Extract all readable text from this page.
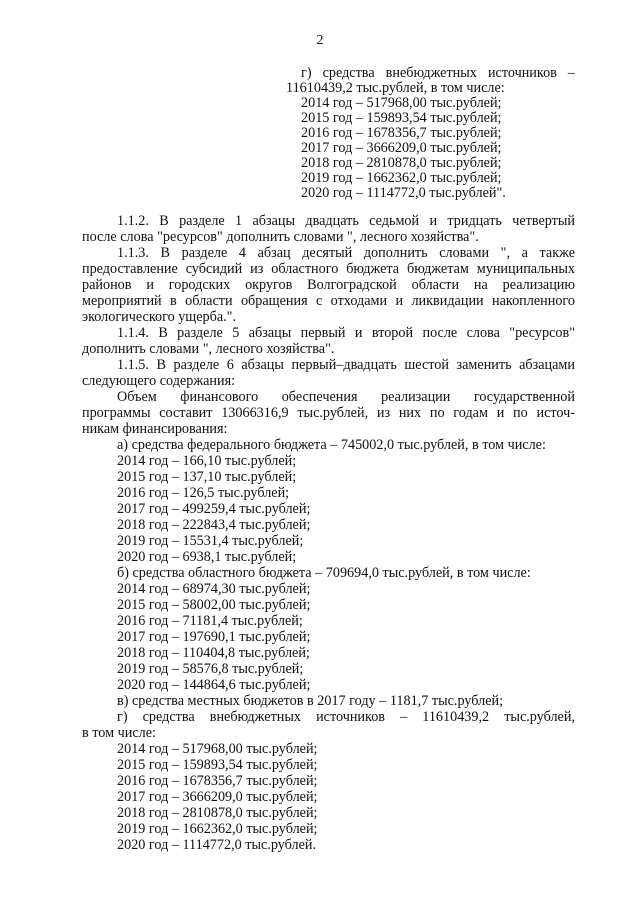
2
г) средства внебюджетных источников –
11610439,2 тыс.рублей, в том числе:
2014 год – 517968,00 тыс.рублей;
2015 год – 159893,54 тыс.рублей;
2016 год – 1678356,7 тыс.рублей;
2017 год – 3666209,0 тыс.рублей;
2018 год – 2810878,0 тыс.рублей;
2019 год – 1662362,0 тыс.рублей;
2020 год – 1114772,0 тыс.рублей".
1.1.2. В разделе 1 абзацы двадцать седьмой и тридцать четвертый
после слова "ресурсов" дополнить словами ", лесного хозяйства".
1.1.3. В разделе 4 абзац десятый дополнить словами ", а также
предоставление субсидий из областного бюджета бюджетам муниципальных
районов и городских округов Волгоградской области на реализацию
мероприятий в области обращения с отходами и ликвидации накопленного
экологического ущерба.".
1.1.4. В разделе 5 абзацы первый и второй после слова "ресурсов"
дополнить словами ", лесного хозяйства".
1.1.5. В разделе 6 абзацы первый–двадцать шестой заменить абзацами
следующего содержания:
Объем финансового обеспечения реализации государственной
программы составит 13066316,9 тыс.рублей, из них по годам и по источ-
никам финансирования:
а) средства федерального бюджета – 745002,0 тыс.рублей, в том числе:
2014 год – 166,10 тыс.рублей;
2015 год – 137,10 тыс.рублей;
2016 год – 126,5 тыс.рублей;
2017 год – 499259,4 тыс.рублей;
2018 год – 222843,4 тыс.рублей;
2019 год – 15531,4 тыс.рублей;
2020 год – 6938,1 тыс.рублей;
б) средства областного бюджета – 709694,0 тыс.рублей, в том числе:
2014 год – 68974,30 тыс.рублей;
2015 год – 58002,00 тыс.рублей;
2016 год – 71181,4 тыс.рублей;
2017 год – 197690,1 тыс.рублей;
2018 год – 110404,8 тыс.рублей;
2019 год – 58576,8 тыс.рублей;
2020 год – 144864,6 тыс.рублей;
в) средства местных бюджетов в 2017 году – 1181,7 тыс.рублей;
г) средства внебюджетных источников – 11610439,2 тыс.рублей,
в том числе:
2014 год – 517968,00 тыс.рублей;
2015 год – 159893,54 тыс.рублей;
2016 год – 1678356,7 тыс.рублей;
2017 год – 3666209,0 тыс.рублей;
2018 год – 2810878,0 тыс.рублей;
2019 год – 1662362,0 тыс.рублей;
2020 год – 1114772,0 тыс.рублей.
